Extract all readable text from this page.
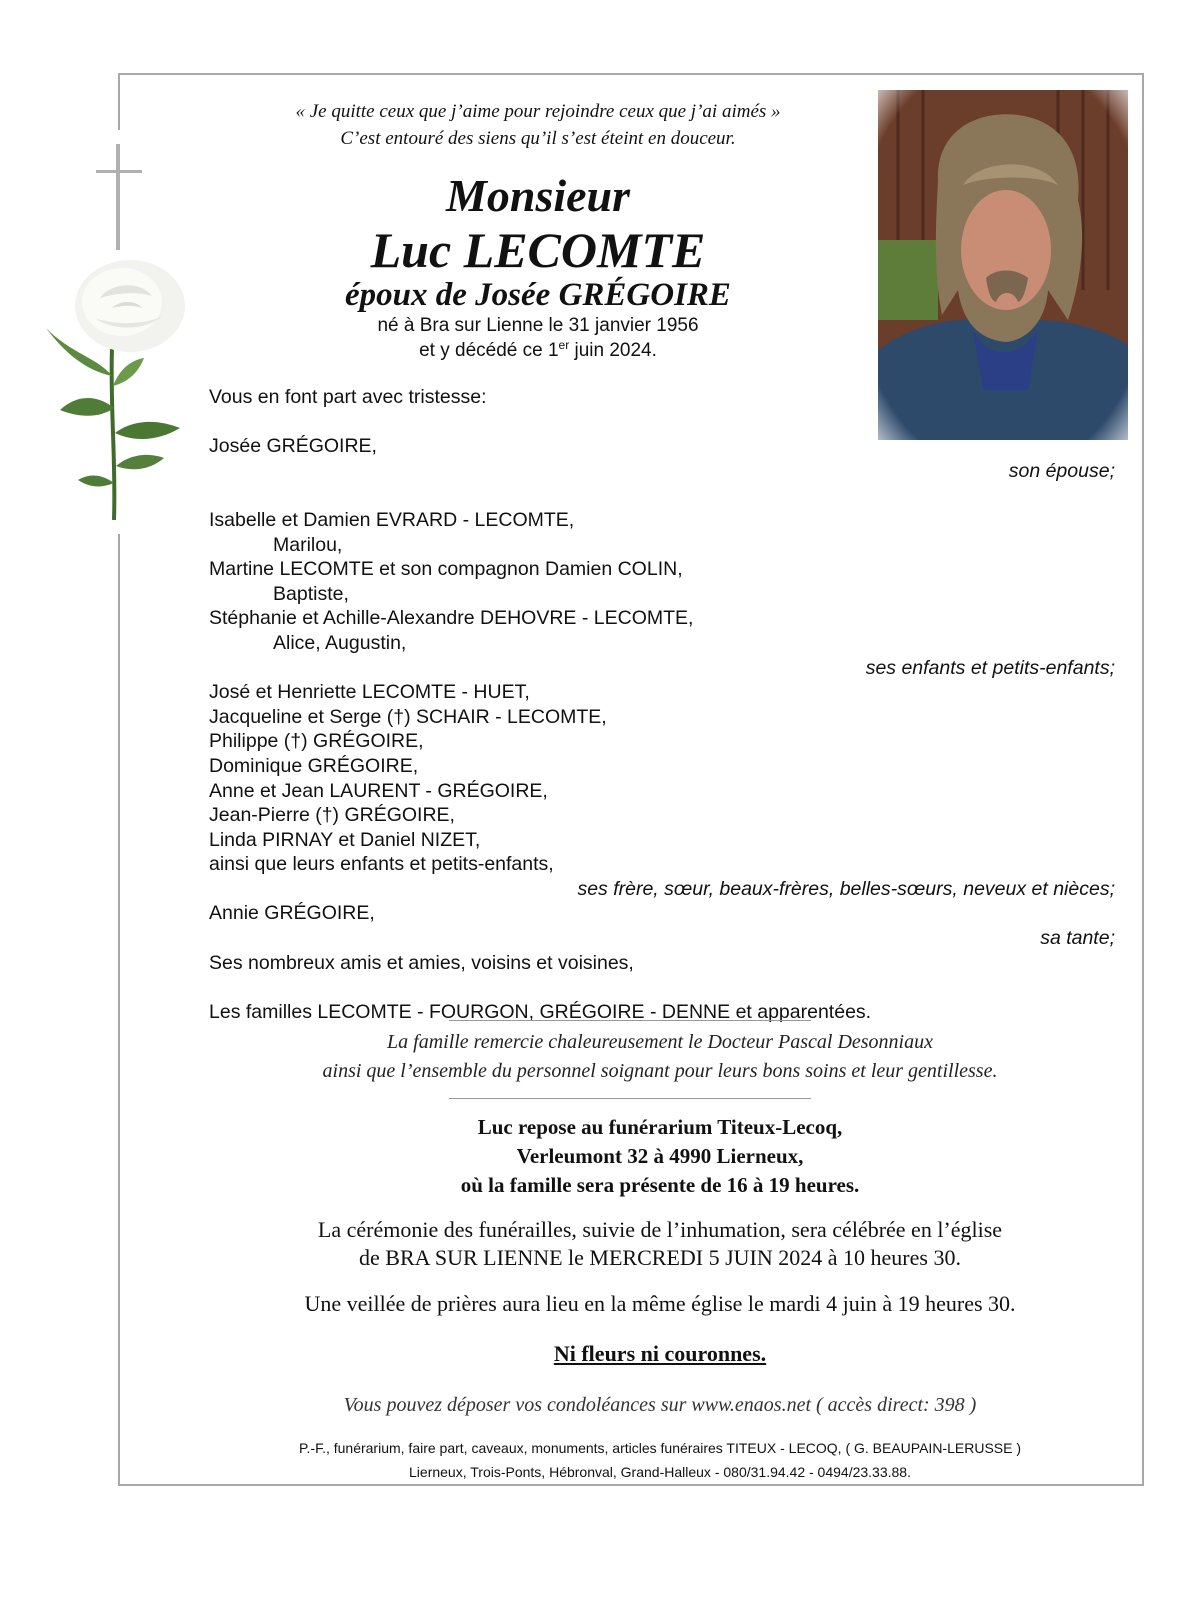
« Je quitte ceux que j’aime pour rejoindre ceux que j’ai aimés »
C’est entouré des siens qu’il s’est éteint en douceur.
Monsieur
Luc LECOMTE
époux de Josée GRÉGOIRE
né à Bra sur Lienne le 31 janvier 1956
et y décédé ce 1er juin 2024.
Vous en font part avec tristesse:
Josée GRÉGOIRE,
son épouse;
Isabelle et Damien EVRARD - LECOMTE,
Marilou,
Martine LECOMTE et son compagnon Damien COLIN,
Baptiste,
Stéphanie et Achille-Alexandre DEHOVRE - LECOMTE,
Alice, Augustin,
ses enfants et petits-enfants;
José et Henriette LECOMTE - HUET,
Jacqueline et Serge (†) SCHAIR - LECOMTE,
Philippe (†) GRÉGOIRE,
Dominique GRÉGOIRE,
Anne et Jean LAURENT - GRÉGOIRE,
Jean-Pierre (†) GRÉGOIRE,
Linda PIRNAY et Daniel NIZET,
ainsi que leurs enfants et petits-enfants,
ses frère, sœur, beaux-frères, belles-sœurs, neveux et nièces;
Annie GRÉGOIRE,
sa tante;
Ses nombreux amis et amies, voisins et voisines,
Les familles LECOMTE - FOURGON, GRÉGOIRE - DENNE et apparentées.
La famille remercie chaleureusement le Docteur Pascal Desonniaux
ainsi que l’ensemble du personnel soignant pour leurs bons soins et leur gentillesse.
Luc repose au funérarium Titeux-Lecoq,
Verleumont 32 à 4990 Lierneux,
où la famille sera présente de 16 à 19 heures.
La cérémonie des funérailles, suivie de l’inhumation, sera célébrée en l’église
de BRA SUR LIENNE le MERCREDI 5 JUIN 2024 à 10 heures 30.
Une veillée de prières aura lieu en la même église le mardi 4 juin à 19 heures 30.
Ni fleurs ni couronnes.
Vous pouvez déposer vos condoléances sur www.enaos.net ( accès direct: 398 )
P.-F., funérarium, faire part, caveaux, monuments, articles funéraires TITEUX - LECOQ, ( G. BEAUPAIN-LERUSSE )
Lierneux, Trois-Ponts, Hébronval, Grand-Halleux - 080/31.94.42 - 0494/23.33.88.
